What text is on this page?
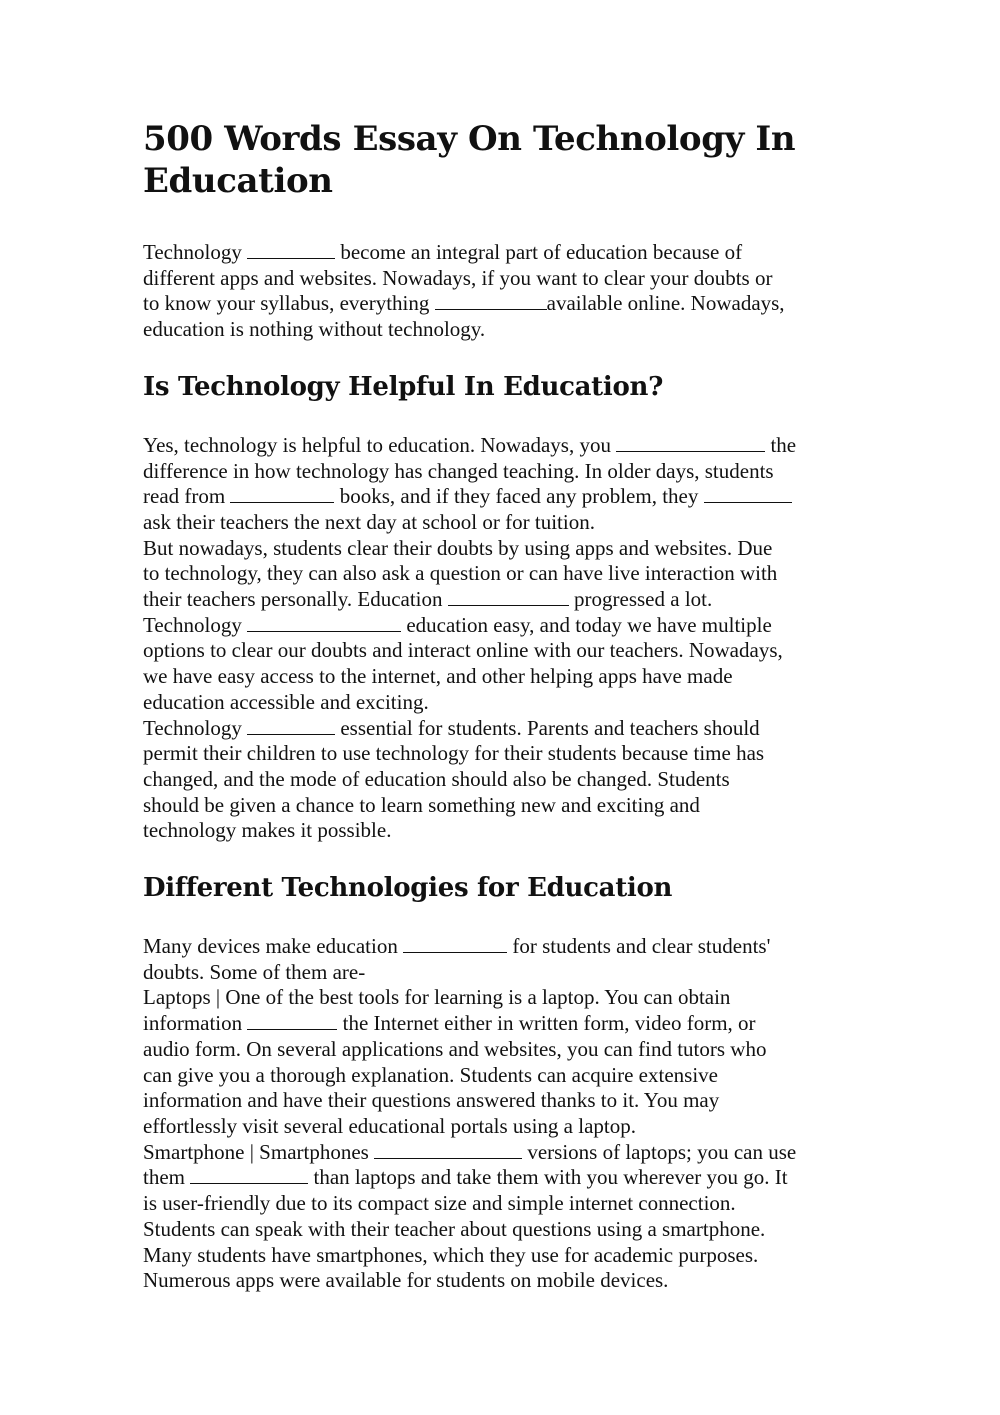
500 Words Essay On Technology In
Education
Technology	become an integral part of education because of
different apps and websites. Nowadays, if you want to clear your doubts or
to know your syllabus, everything	available online. Nowadays,
education is nothing without technology.
Is Technology Helpful In Education?
Yes, technology is helpful to education. Nowadays, you	the
difference in how technology has changed teaching. In older days, students
read from	books, and if they faced any problem, they
ask their teachers the next day at school or for tuition.
But nowadays, students clear their doubts by using apps and websites. Due
to technology, they can also ask a question or can have live interaction with
their teachers personally. Education	progressed a lot.
Technology	education easy, and today we have multiple
options to clear our doubts and interact online with our teachers. Nowadays,
we have easy access to the internet, and other helping apps have made
education accessible and exciting.
Technology	essential for students. Parents and teachers should
permit their children to use technology for their students because time has
changed, and the mode of education should also be changed. Students
should be given a chance to learn something new and exciting and
technology makes it possible.
Different Technologies for Education
Many devices make education	for students and clear students'
doubts. Some of them are-
Laptops | One of the best tools for learning is a laptop. You can obtain
information	the Internet either in written form, video form, or
audio form. On several applications and websites, you can find tutors who
can give you a thorough explanation. Students can acquire extensive
information and have their questions answered thanks to it. You may
effortlessly visit several educational portals using a laptop.
Smartphone | Smartphones	versions of laptops; you can use
them	than laptops and take them with you wherever you go. It
is user-friendly due to its compact size and simple internet connection.
Students can speak with their teacher about questions using a smartphone.
Many students have smartphones, which they use for academic purposes.
Numerous apps were available for students on mobile devices.
